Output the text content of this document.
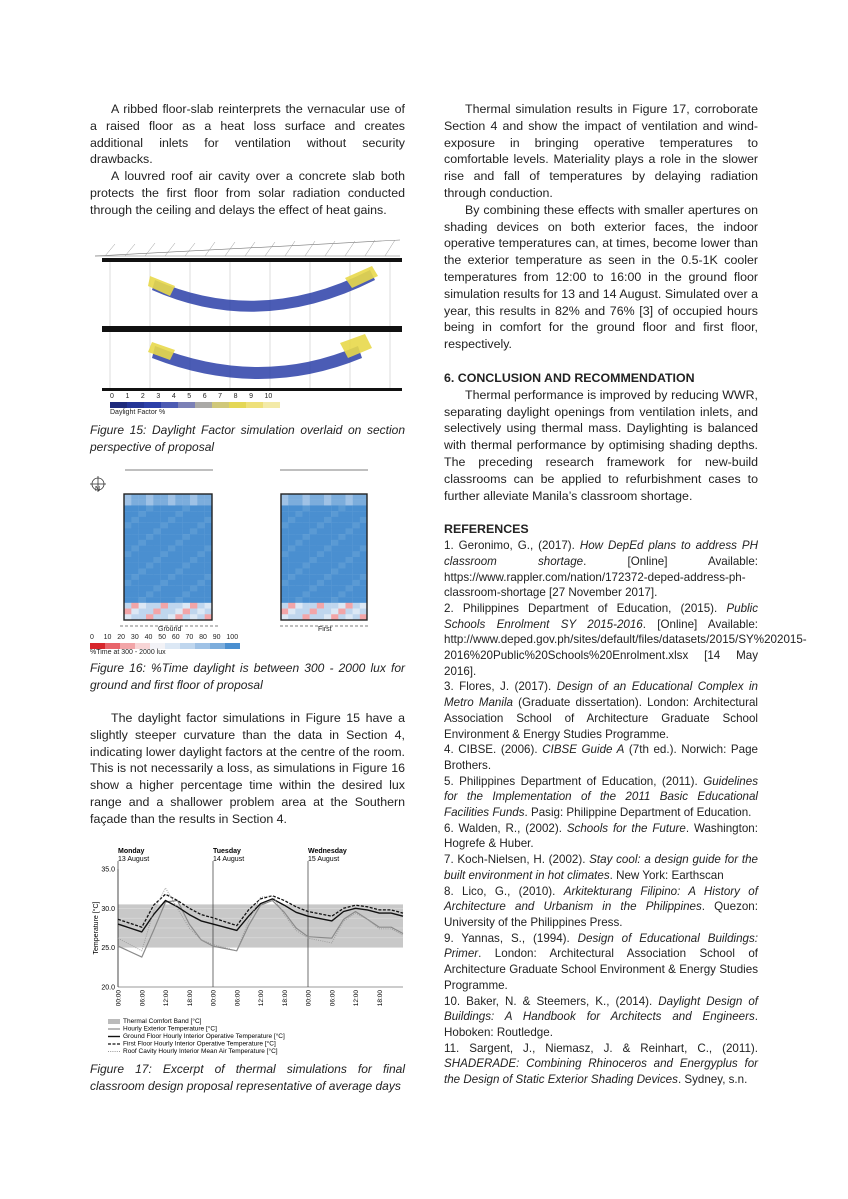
A ribbed floor-slab reinterprets the vernacular use of a raised floor as a heat loss surface and creates additional inlets for ventilation without security drawbacks.

A louvred roof air cavity over a concrete slab both protects the first floor from solar radiation conducted through the ceiling and delays the effect of heat gains.

0	1	2	3	4	5	6	7	8	9	10
Daylight Factor %
Figure 15: Daylight Factor simulation overlaid on section perspective of proposal
Ground	First
N
0	10 20 30 40 50 60 70 80 90 100
%Time at 300 - 2000 lux
Figure 16: %Time daylight is between 300 - 2000 lux for ground and first floor of proposal

The daylight factor simulations in Figure 15 have a slightly steeper curvature than the data in Section 4, indicating lower daylight factors at the centre of the room. This is not necessarily a loss, as simulations in Figure 16 show a higher percentage time within the desired lux range and a shallower problem area at the Southern façade than the results in Section 4.

Monday
13 August
Tuesday
14 August
Wednesday
15 August
35.0
30.0
25.0
20.0
Temperature [°C]
00:00	06:00	12:00	18:00	00:00	06:00	12:00	18:00	00:00	06:00	12:00	18:00
Thermal Comfort Band [°C]
Hourly Exterior Temperature [°C]
Ground Floor Hourly Interior Operative Temperature [°C]
First Floor Hourly Interior Operative Temperature [°C]
Roof Cavity Hourly Interior Mean Air Temperature [°C]
Figure 17: Excerpt of thermal simulations for final classroom design proposal representative of average days

Thermal simulation results in Figure 17, corroborate Section 4 and show the impact of ventilation and wind-exposure in bringing operative temperatures to comfortable levels. Materiality plays a role in the slower rise and fall of temperatures by delaying radiation through conduction.

By combining these effects with smaller apertures on shading devices on both exterior faces, the indoor operative temperatures can, at times, become lower than the exterior temperature as seen in the 0.5-1K cooler temperatures from 12:00 to 16:00 in the ground floor simulation results for 13 and 14 August. Simulated over a year, this results in 82% and 76% [3] of occupied hours being in comfort for the ground floor and first floor, respectively.

6. CONCLUSION AND RECOMMENDATION

Thermal performance is improved by reducing WWR, separating daylight openings from ventilation inlets, and selectively using thermal mass. Daylighting is balanced with thermal performance by optimising shading depths. The preceding research framework for new-build classrooms can be applied to refurbishment cases to further alleviate Manila’s classroom shortage.

REFERENCES
1. Geronimo, G., (2017). How DepEd plans to address PH classroom shortage. [Online] Available: https://www.rappler.com/nation/172372-deped-address-ph-classroom-shortage [27 November 2017].
2. Philippines Department of Education, (2015). Public Schools Enrolment SY 2015-2016. [Online] Available: http://www.deped.gov.ph/sites/default/files/datasets/2015/SY%202015-2016%20Public%20Schools%20Enrolment.xlsx [14 May 2016].
3. Flores, J. (2017). Design of an Educational Complex in Metro Manila (Graduate dissertation). London: Architectural Association School of Architecture Graduate School Environment & Energy Studies Programme.
4. CIBSE. (2006). CIBSE Guide A (7th ed.). Norwich: Page Brothers.
5. Philippines Department of Education, (2011). Guidelines for the Implementation of the 2011 Basic Educational Facilities Funds. Pasig: Philippine Department of Education.
6. Walden, R., (2002). Schools for the Future. Washington: Hogrefe & Huber.
7. Koch-Nielsen, H. (2002). Stay cool: a design guide for the built environment in hot climates. New York: Earthscan
8. Lico, G., (2010). Arkitekturang Filipino: A History of Architecture and Urbanism in the Philippines. Quezon: University of the Philippines Press.
9. Yannas, S., (1994). Design of Educational Buildings: Primer. London: Architectural Association School of Architecture Graduate School Environment & Energy Studies Programme.
10. Baker, N. & Steemers, K., (2014). Daylight Design of Buildings: A Handbook for Architects and Engineers. Hoboken: Routledge.
11. Sargent, J., Niemasz, J. & Reinhart, C., (2011). SHADERADE: Combining Rhinoceros and Energyplus for the Design of Static Exterior Shading Devices. Sydney, s.n.
